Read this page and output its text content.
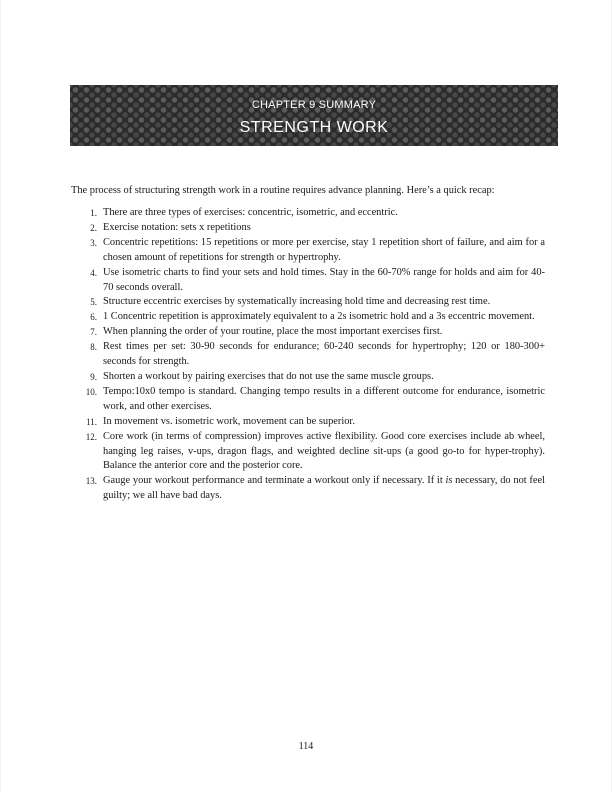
CHAPTER 9 SUMMARY
STRENGTH WORK

The process of structuring strength work in a routine requires advance planning. Here’s a quick recap:

1. There are three types of exercises: concentric, isometric, and eccentric.
2. Exercise notation: sets x repetitions
3. Concentric repetitions: 15 repetitions or more per exercise, stay 1 repetition short of failure, and aim for a chosen amount of repetitions for strength or hypertrophy.
4. Use isometric charts to find your sets and hold times. Stay in the 60-70% range for holds and aim for 40-70 seconds overall.
5. Structure eccentric exercises by systematically increasing hold time and decreasing rest time.
6. 1 Concentric repetition is approximately equivalent to a 2s isometric hold and a 3s eccentric movement.
7. When planning the order of your routine, place the most important exercises first.
8. Rest times per set: 30-90 seconds for endurance; 60-240 seconds for hypertrophy; 120 or 180-300+ seconds for strength.
9. Shorten a workout by pairing exercises that do not use the same muscle groups.
10. Tempo:10x0 tempo is standard. Changing tempo results in a different outcome for endurance, isometric work, and other exercises.
11. In movement vs. isometric work, movement can be superior.
12. Core work (in terms of compression) improves active flexibility. Good core exercises include ab wheel, hanging leg raises, v-ups, dragon flags, and weighted decline sit-ups (a good go-to for hyper-trophy). Balance the anterior core and the posterior core.
13. Gauge your workout performance and terminate a workout only if necessary. If it is necessary, do not feel guilty; we all have bad days.
114
